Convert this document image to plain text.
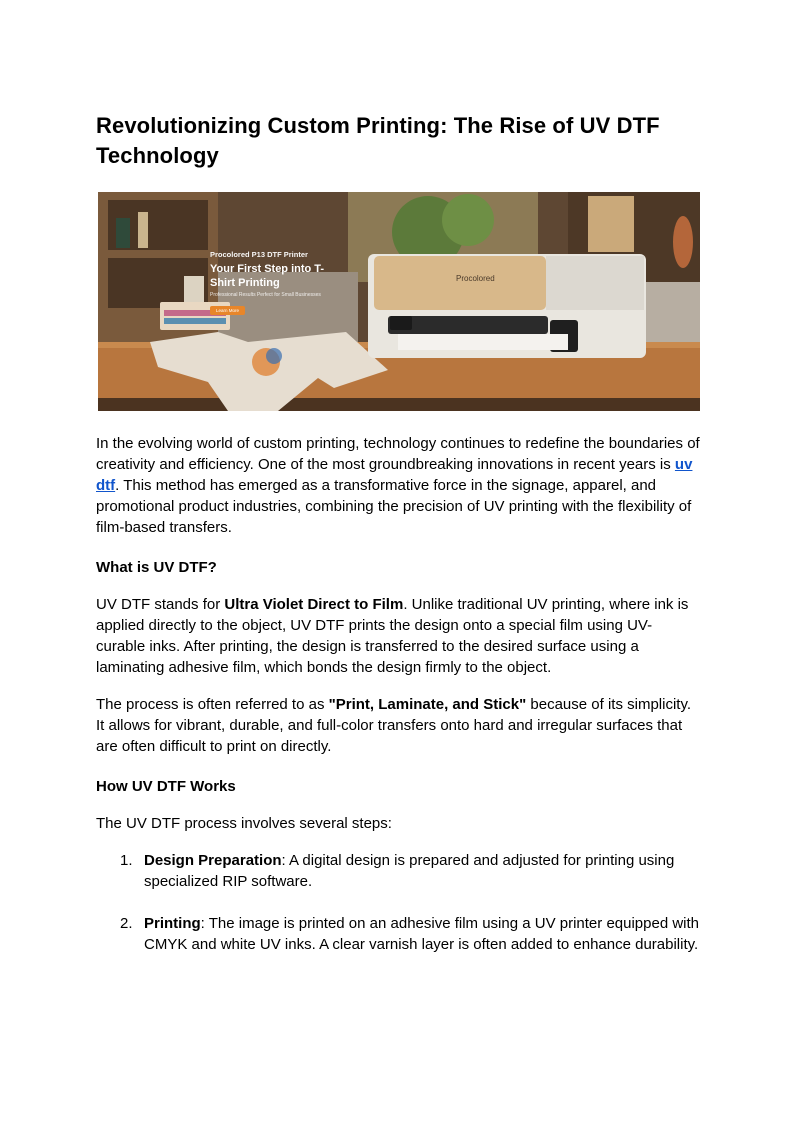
Revolutionizing Custom Printing: The Rise of UV DTF Technology
Procolored P13 DTF Printer
Your First Step into T-Shirt Printing
Professional Results Perfect for Small Businesses
Learn More
Procolored

In the evolving world of custom printing, technology continues to redefine the boundaries of creativity and efficiency. One of the most groundbreaking innovations in recent years is uv dtf. This method has emerged as a transformative force in the signage, apparel, and promotional product industries, combining the precision of UV printing with the flexibility of film-based transfers.

What is UV DTF?

UV DTF stands for Ultra Violet Direct to Film. Unlike traditional UV printing, where ink is applied directly to the object, UV DTF prints the design onto a special film using UV-curable inks. After printing, the design is transferred to the desired surface using a laminating adhesive film, which bonds the design firmly to the object.

The process is often referred to as "Print, Laminate, and Stick" because of its simplicity. It allows for vibrant, durable, and full-color transfers onto hard and irregular surfaces that are often difficult to print on directly.

How UV DTF Works

The UV DTF process involves several steps:

1. Design Preparation: A digital design is prepared and adjusted for printing using specialized RIP software.
2. Printing: The image is printed on an adhesive film using a UV printer equipped with CMYK and white UV inks. A clear varnish layer is often added to enhance durability.
